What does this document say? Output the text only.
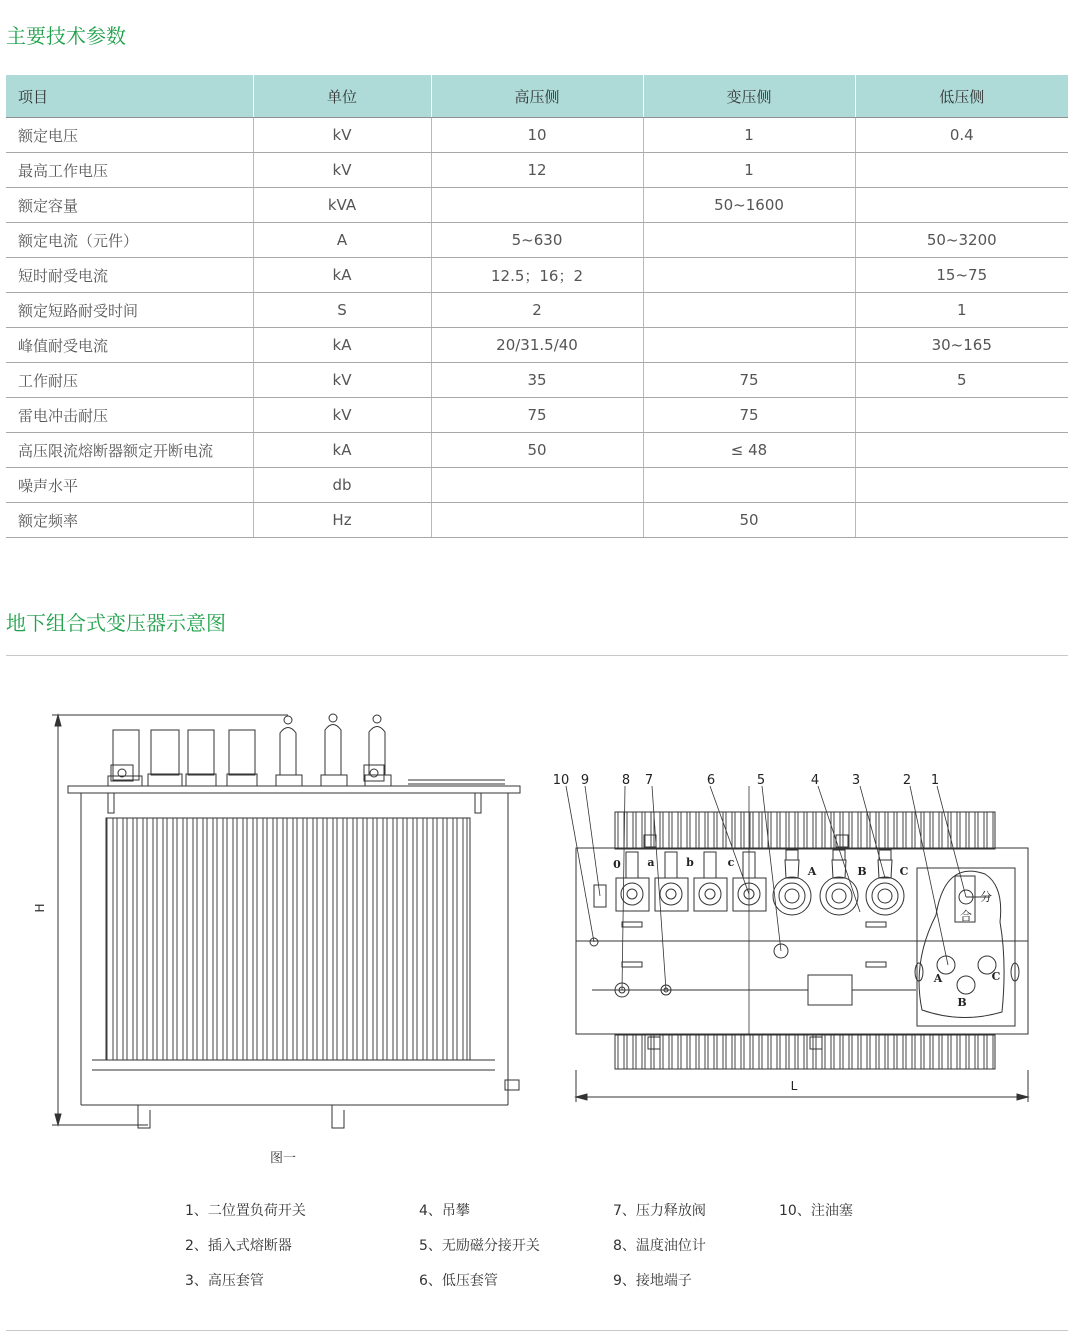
主要技术参数
项目	单位	高压侧	变压侧	低压侧
额定电压	kV	10	1	0.4
最高工作电压	kV	12	1	
额定容量	kVA		50~1600	
额定电流（元件）	A	5~630		50~3200
短时耐受电流	kA	12.5；16；2		15~75
额定短路耐受时间	S	2		1
峰值耐受电流	kA	20/31.5/40		30~165
工作耐压	kV	35	75	5
雷电冲击耐压	kV	75	75	
高压限流熔断器额定开断电流	kA	50	≤ 48	
噪声水平	db			
额定频率	Hz		50	
地下组合式变压器示意图
H
图一
10 9	8 7	6	5	4	3	2 1
0 a	b	c
A	B	C
A
B
C
分
合
L
1、二位置负荷开关
2、插入式熔断器
3、高压套管
4、吊攀
5、无励磁分接开关
6、低压套管
7、压力释放阀
8、温度油位计
9、接地端子
10、注油塞
